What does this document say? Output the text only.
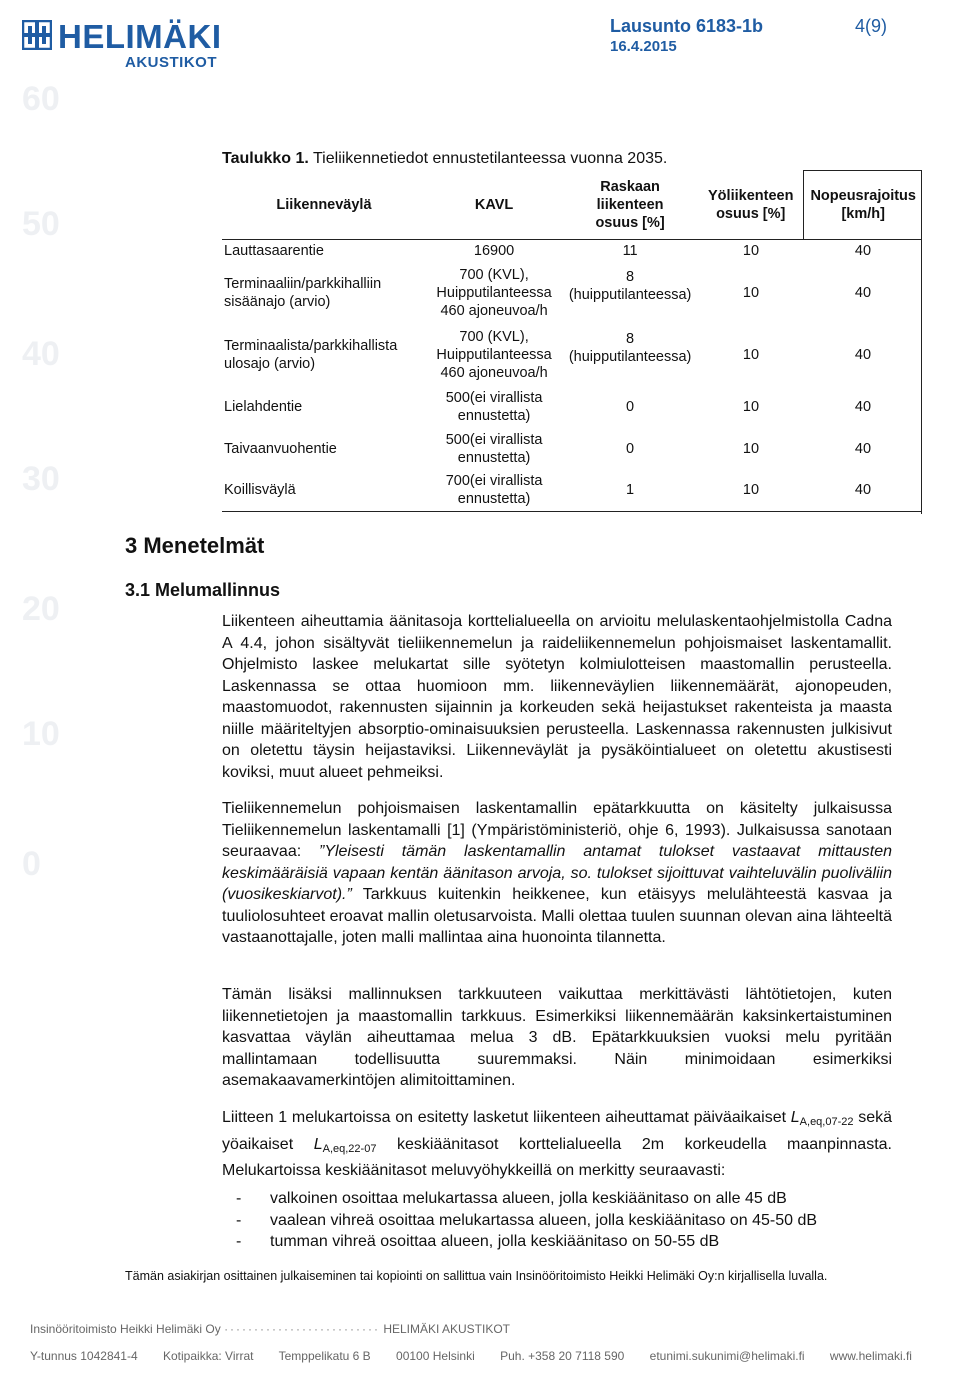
60
50
40
30
20
10
0
HELIMÄKI
AKUSTIKOT
Lausunto 6183-1b
16.4.2015
4(9)
Taulukko 1. Tieliikennetiedot ennustetilanteessa vuonna 2035.
Liikenneväylä	KAVL	Raskaan liikenteen osuus [%]	Yöliikenteen osuus [%]	Nopeusrajoitus [km/h]
Lauttasaarentie	16900	11	10	40
Terminaaliin/parkkihalliin sisäänajo (arvio)	700 (KVL), Huipputilanteessa 460 ajoneuvoa/h	8 (huipputilanteessa)	10	40
Terminaalista/parkkihallista ulosajo (arvio)	700 (KVL), Huipputilanteessa 460 ajoneuvoa/h	8 (huipputilanteessa)	10	40
Lielahdentie	500(ei virallista ennustetta)	0	10	40
Taivaanvuohentie	500(ei virallista ennustetta)	0	10	40
Koillisväylä	700(ei virallista ennustetta)	1	10	40
3 Menetelmät
3.1 Melumallinnus
Liikenteen aiheuttamia äänitasoja korttelialueella on arvioitu melulaskentaohjelmistolla Cadna A 4.4, johon sisältyvät tieliikennemelun ja raideliikennemelun pohjoismaiset laskentamallit. Ohjelmisto laskee melukartat sille syötetyn kolmiulotteisen maastomallin perusteella. Laskennassa se ottaa huomioon mm. liikenneväylien liikennemäärät, ajonopeuden, maastomuodot, rakennusten sijainnin ja korkeuden sekä heijastukset rakenteista ja maasta niille määriteltyjen absorptio-ominaisuuksien perusteella. Laskennassa rakennusten julkisivut on oletettu täysin heijastaviksi. Liikenneväylät ja pysäköintialueet on oletettu akustisesti koviksi, muut alueet pehmeiksi.
Tieliikennemelun pohjoismaisen laskentamallin epätarkkuutta on käsitelty julkaisussa Tieliikennemelun laskentamalli [1] (Ympäristöministeriö, ohje 6, 1993). Julkaisussa sanotaan seuraavaa: ”Yleisesti tämän laskentamallin antamat tulokset vastaavat mittausten keskimääräisiä vapaan kentän äänitason arvoja, so. tulokset sijoittuvat vaihteluvälin puoliväliin (vuosikeskiarvot).” Tarkkuus kuitenkin heikkenee, kun etäisyys melulähteestä kasvaa ja tuuliolosuhteet eroavat mallin oletusarvoista. Malli olettaa tuulen suunnan olevan aina lähteeltä vastaanottajalle, joten malli mallintaa aina huonointa tilannetta.
Tämän lisäksi mallinnuksen tarkkuuteen vaikuttaa merkittävästi lähtötietojen, kuten liikennetietojen ja maastomallin tarkkuus. Esimerkiksi liikennemäärän kaksinkertaistuminen kasvattaa väylän aiheuttamaa melua 3 dB. Epätarkkuuksien vuoksi melu pyritään mallintamaan todellisuutta suuremmaksi. Näin minimoidaan esimerkiksi asemakaavamerkintöjen alimitoittaminen.
Liitteen 1 melukartoissa on esitetty lasketut liikenteen aiheuttamat päiväaikaiset $L_{A,eq,07-22}$ sekä yöaikaiset $L_{A,eq,22-07}$ keskiäänitasot korttelialueella 2m korkeudella maanpinnasta. Melukartoissa keskiäänitasot meluvyöhykkeillä on merkitty seuraavasti:
- valkoinen osoittaa melukartassa alueen, jolla keskiäänitaso on alle 45 dB
- vaalean vihreä osoittaa melukartassa alueen, jolla keskiäänitaso on 45-50 dB
- tumman vihreä osoittaa alueen, jolla keskiäänitaso on 50-55 dB
Tämän asiakirjan osittainen julkaiseminen tai kopiointi on sallittua vain Insinööritoimisto Heikki Helimäki Oy:n kirjallisella luvalla.
Insinööritoimisto Heikki Helimäki Oy ·························· HELIMÄKI AKUSTIKOT
Y-tunnus 1042841-4 Kotipaikka: Virrat Temppelikatu 6 B 00100 Helsinki Puh. +358 20 7118 590 etunimi.sukunimi@helimaki.fi www.helimaki.fi
